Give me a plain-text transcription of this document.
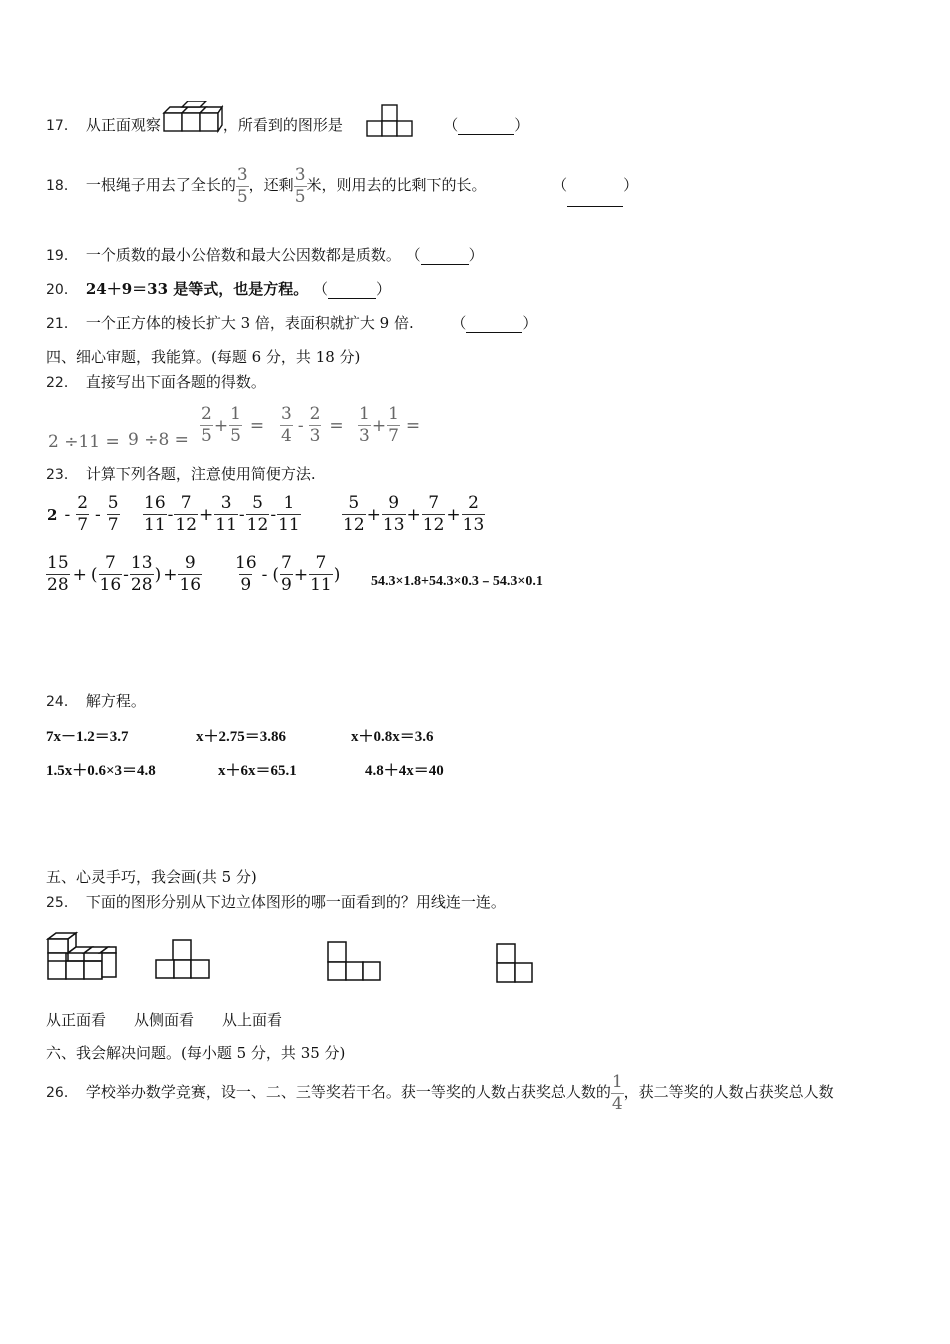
17． 从正面观察	，所看到的图形是	（	）
18． 一根绳子用去了全长的 $\frac{3}{5}$ ，还剩 $\frac{3}{5}$ 米，则用去的比剩下的长。	（	）
19． 一个质数的最小公倍数和最大公因数都是质数。 （	）
20． 24＋9＝33 是等式，也是方程。 （	）
21． 一个正方体的棱长扩大 3 倍，表面积就扩大 9 倍.	（	）
四、细心审题，我能算。(每题 6 分，共 18 分)
22． 直接写出下面各题的得数。
$2 \div 11 = 9 \div 8 = \frac{2}{5} + \frac{1}{5} = \frac{3}{4} - \frac{2}{3} = \frac{1}{3} + \frac{1}{7}$ =
23． 计算下列各题，注意使用简便方法.
$2 - \frac{2}{7} - \frac{5}{7} \frac{16}{11} - \frac{7}{12} + \frac{3}{11} - \frac{5}{12} - \frac{1}{11} \frac{5}{12} + \frac{9}{13} + \frac{7}{12} + \frac{2}{13}$
$\frac{15}{28}$ + ( $\frac{7}{16} - \frac{13}{28}$ ) + $\frac{9}{16} \frac{16}{9}$ - ( $\frac{7}{9} + \frac{7}{11}$ ) 54.3×1.8+54.3×0.3﹣54.3×0.1
24． 解方程。
7x－1.2＝3.7	x＋2.75＝3.86	x＋0.8x＝3.6
1.5x＋0.6×3＝4.8	x＋6x＝65.1	4.8＋4x＝40
五、心灵手巧，我会画(共 5 分)
25． 下面的图形分别从下边立体图形的哪一面看到的？用线连一连。
从正面看 从侧面看 从上面看
六、我会解决问题。(每小题 5 分，共 35 分)
26． 学校举办数学竞赛，设一、二、三等奖若干名。获一等奖的人数占获奖总人数的 $\frac{1}{4}$ ，获二等奖的人数占获奖总人数
